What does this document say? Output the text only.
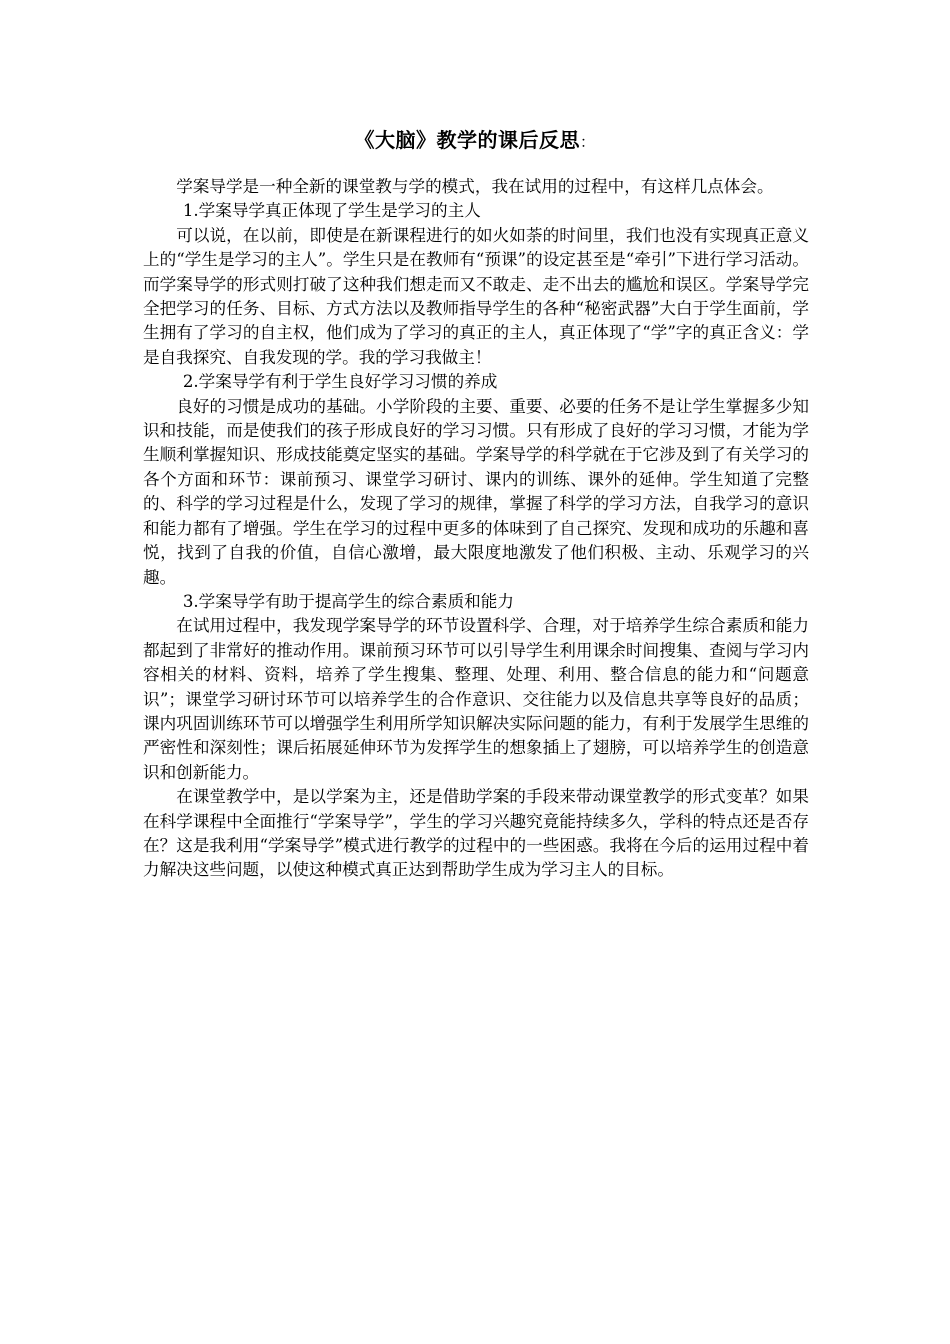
《大脑》教学的课后反思：

学案导学是一种全新的课堂教与学的模式，我在试用的过程中，有这样几点体会。

1.学案导学真正体现了学生是学习的主人

可以说，在以前，即使是在新课程进行的如火如荼的时间里，我们也没有实现真正意义上的“学生是学习的主人”。学生只是在教师有“预课”的设定甚至是“牵引”下进行学习活动。而学案导学的形式则打破了这种我们想走而又不敢走、走不出去的尴尬和误区。学案导学完全把学习的任务、目标、方式方法以及教师指导学生的各种“秘密武器”大白于学生面前，学生拥有了学习的自主权，他们成为了学习的真正的主人，真正体现了“学”字的真正含义：学是自我探究、自我发现的学。我的学习我做主！

2.学案导学有利于学生良好学习习惯的养成

良好的习惯是成功的基础。小学阶段的主要、重要、必要的任务不是让学生掌握多少知识和技能，而是使我们的孩子形成良好的学习习惯。只有形成了良好的学习习惯，才能为学生顺利掌握知识、形成技能奠定坚实的基础。学案导学的科学就在于它涉及到了有关学习的各个方面和环节：课前预习、课堂学习研讨、课内的训练、课外的延伸。学生知道了完整的、科学的学习过程是什么，发现了学习的规律，掌握了科学的学习方法，自我学习的意识和能力都有了增强。学生在学习的过程中更多的体味到了自己探究、发现和成功的乐趣和喜悦，找到了自我的价值，自信心激增，最大限度地激发了他们积极、主动、乐观学习的兴趣。

3.学案导学有助于提高学生的综合素质和能力

在试用过程中，我发现学案导学的环节设置科学、合理，对于培养学生综合素质和能力都起到了非常好的推动作用。课前预习环节可以引导学生利用课余时间搜集、查阅与学习内容相关的材料、资料，培养了学生搜集、整理、处理、利用、整合信息的能力和“问题意识”；课堂学习研讨环节可以培养学生的合作意识、交往能力以及信息共享等良好的品质；课内巩固训练环节可以增强学生利用所学知识解决实际问题的能力，有利于发展学生思维的严密性和深刻性；课后拓展延伸环节为发挥学生的想象插上了翅膀，可以培养学生的创造意识和创新能力。

在课堂教学中，是以学案为主，还是借助学案的手段来带动课堂教学的形式变革？如果在科学课程中全面推行“学案导学”，学生的学习兴趣究竟能持续多久，学科的特点还是否存在？这是我利用“学案导学”模式进行教学的过程中的一些困惑。我将在今后的运用过程中着力解决这些问题，以使这种模式真正达到帮助学生成为学习主人的目标。
